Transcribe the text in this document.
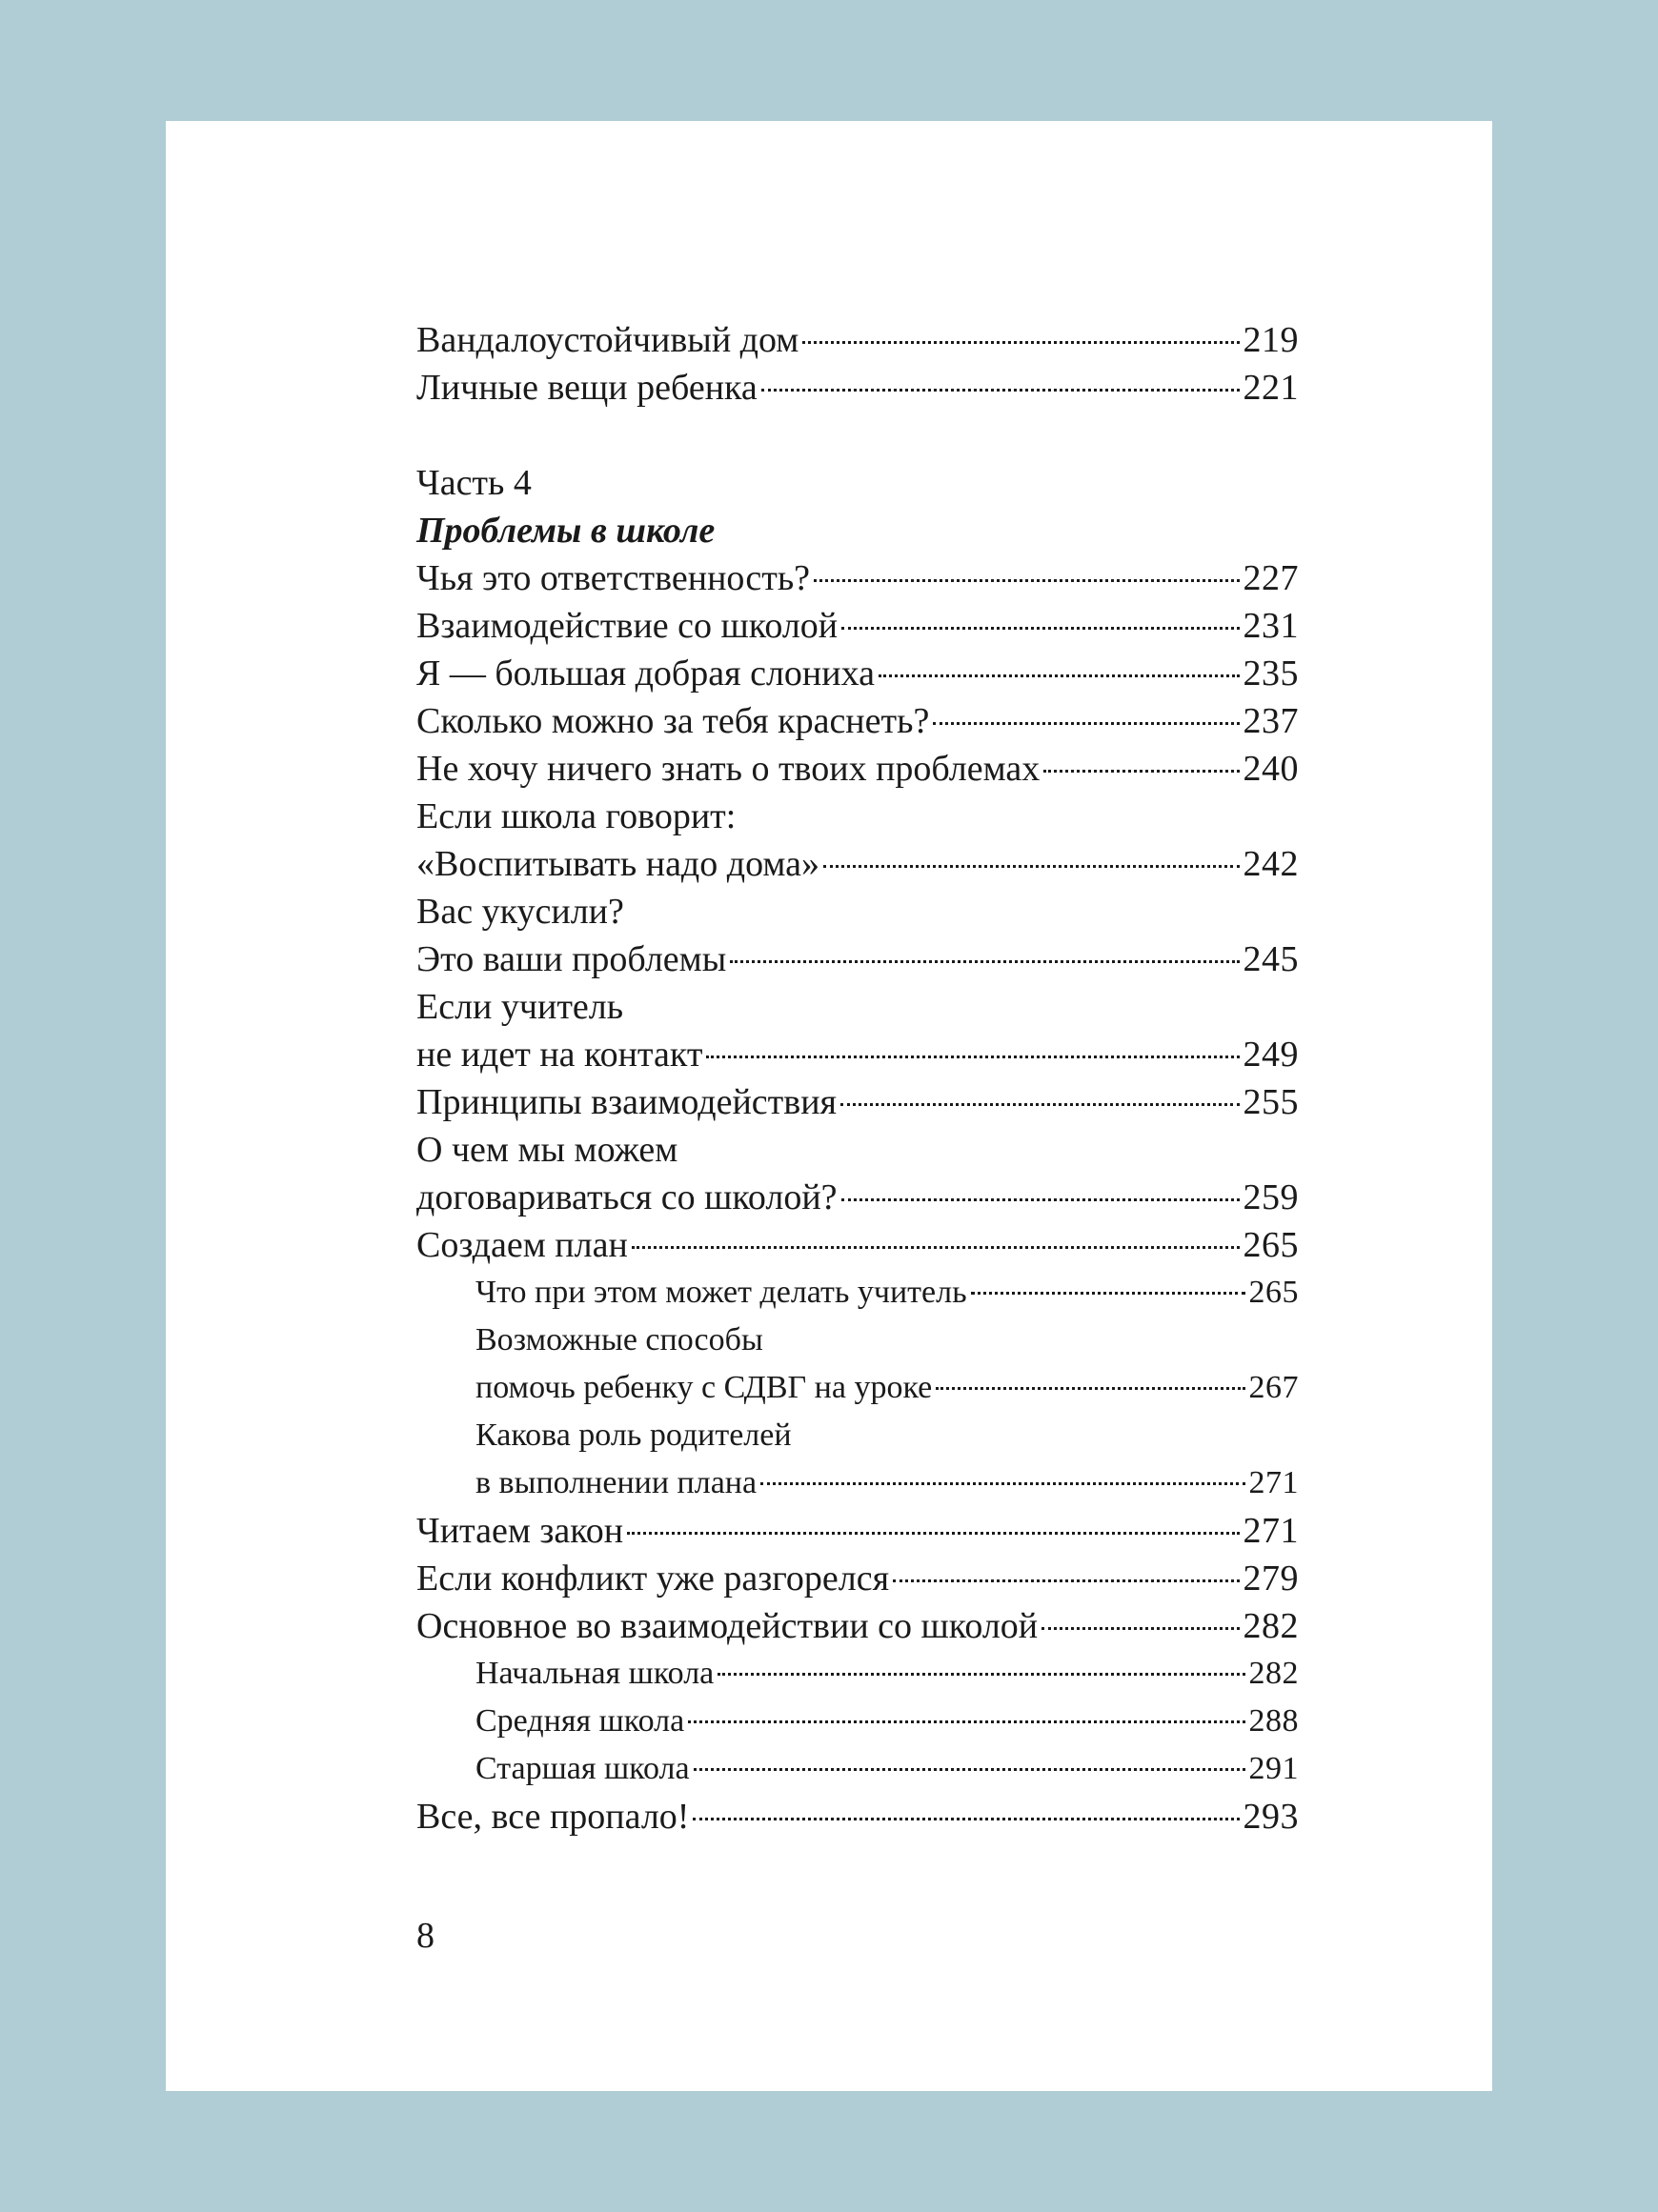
Вандалоустойчивый дом	219
Личные вещи ребенка	221
Часть 4
Проблемы в школе
Чья это ответственность?	227
Взаимодействие со школой	231
Я — большая добрая слониха	235
Сколько можно за тебя краснеть?	237
Не хочу ничего знать о твоих проблемах	240
Если школа говорит:
«Воспитывать надо дома»	242
Вас укусили?
Это ваши проблемы	245
Если учитель
не идет на контакт	249
Принципы взаимодействия	255
О чем мы можем
договариваться со школой?	259
Создаем план	265
Что при этом может делать учитель	265
Возможные способы
помочь ребенку с СДВГ на уроке	267
Какова роль родителей
в выполнении плана	271
Читаем закон	271
Если конфликт уже разгорелся	279
Основное во взаимодействии со школой	282
Начальная школа	282
Средняя школа	288
Старшая школа	291
Все, все пропало!	293
8
